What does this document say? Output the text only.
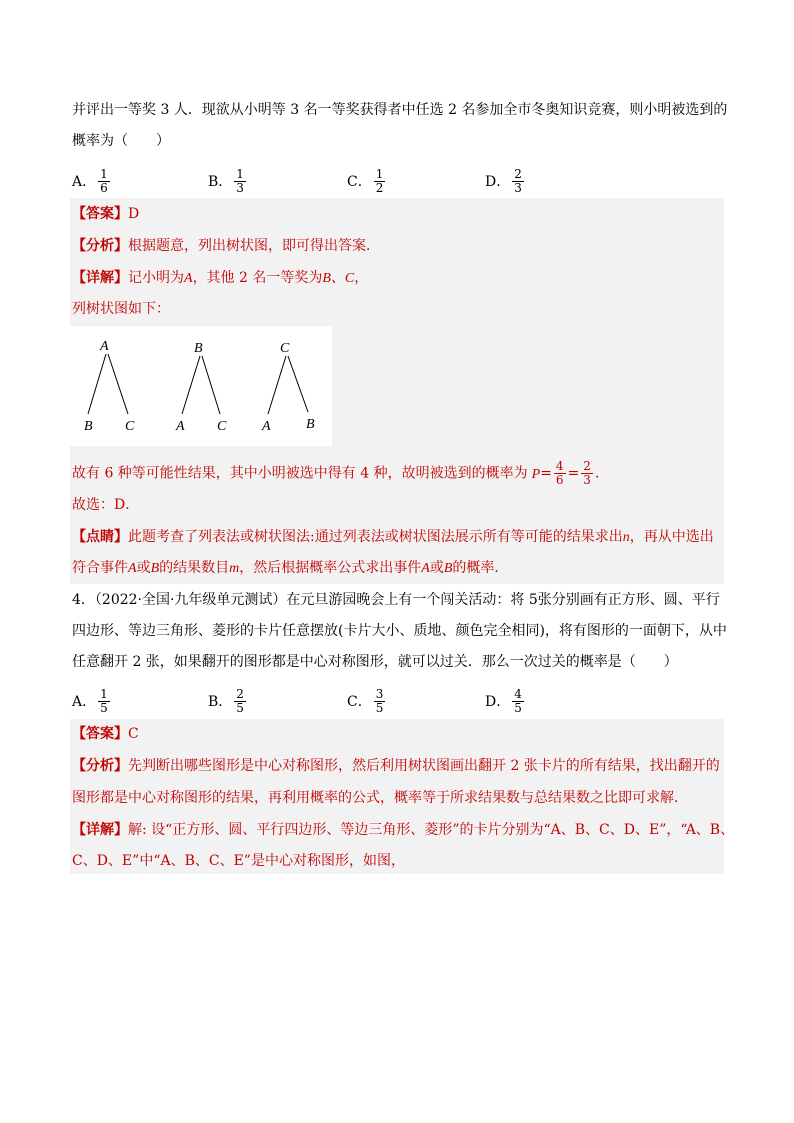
并评出一等奖 3 人．现欲从小明等 3 名一等奖获得者中任选 2 名参加全市冬奥知识竞赛，则小明被选到的
概率为（　　）
A． $\frac{1}{6}$	B． $\frac{1}{3}$	C． $\frac{1}{2}$	D． $\frac{2}{3}$
【答案】D
【分析】根据题意，列出树状图，即可得出答案．
【详解】记小明为A，其他 2 名一等奖为B、C，
列树状图如下：
A
B C
B
A C
C
A	B
故有 6 种等可能性结果，其中小明被选中得有 4 种，故明被选到的概率为 $P= \frac{4}{6} = \frac{2}{3}$ ．
故选：D．
【点睛】此题考查了列表法或树状图法:通过列表法或树状图法展示所有等可能的结果求出n，再从中选出
符合事件A或B的结果数目m，然后根据概率公式求出事件A或B的概率．
4．（2022·全国·九年级单元测试）在元旦游园晚会上有一个闯关活动：将 5张分别画有正方形、圆、平行
四边形、等边三角形、菱形的卡片任意摆放(卡片大小、质地、颜色完全相同)，将有图形的一面朝下，从中
任意翻开 2 张，如果翻开的图形都是中心对称图形，就可以过关．那么一次过关的概率是（　　）
A． $\frac{1}{5}$	B． $\frac{2}{5}$	C． $\frac{3}{5}$	D． $\frac{4}{5}$
【答案】C
【分析】先判断出哪些图形是中心对称图形，然后利用树状图画出翻开 2 张卡片的所有结果，找出翻开的
图形都是中心对称图形的结果，再利用概率的公式，概率等于所求结果数与总结果数之比即可求解．
【详解】解: 设“正方形、圆、平行四边形、等边三角形、菱形”的卡片分别为“A、B、C、D、E”，“A、B、
C、D、E”中“A、B、C、E”是中心对称图形，如图，
